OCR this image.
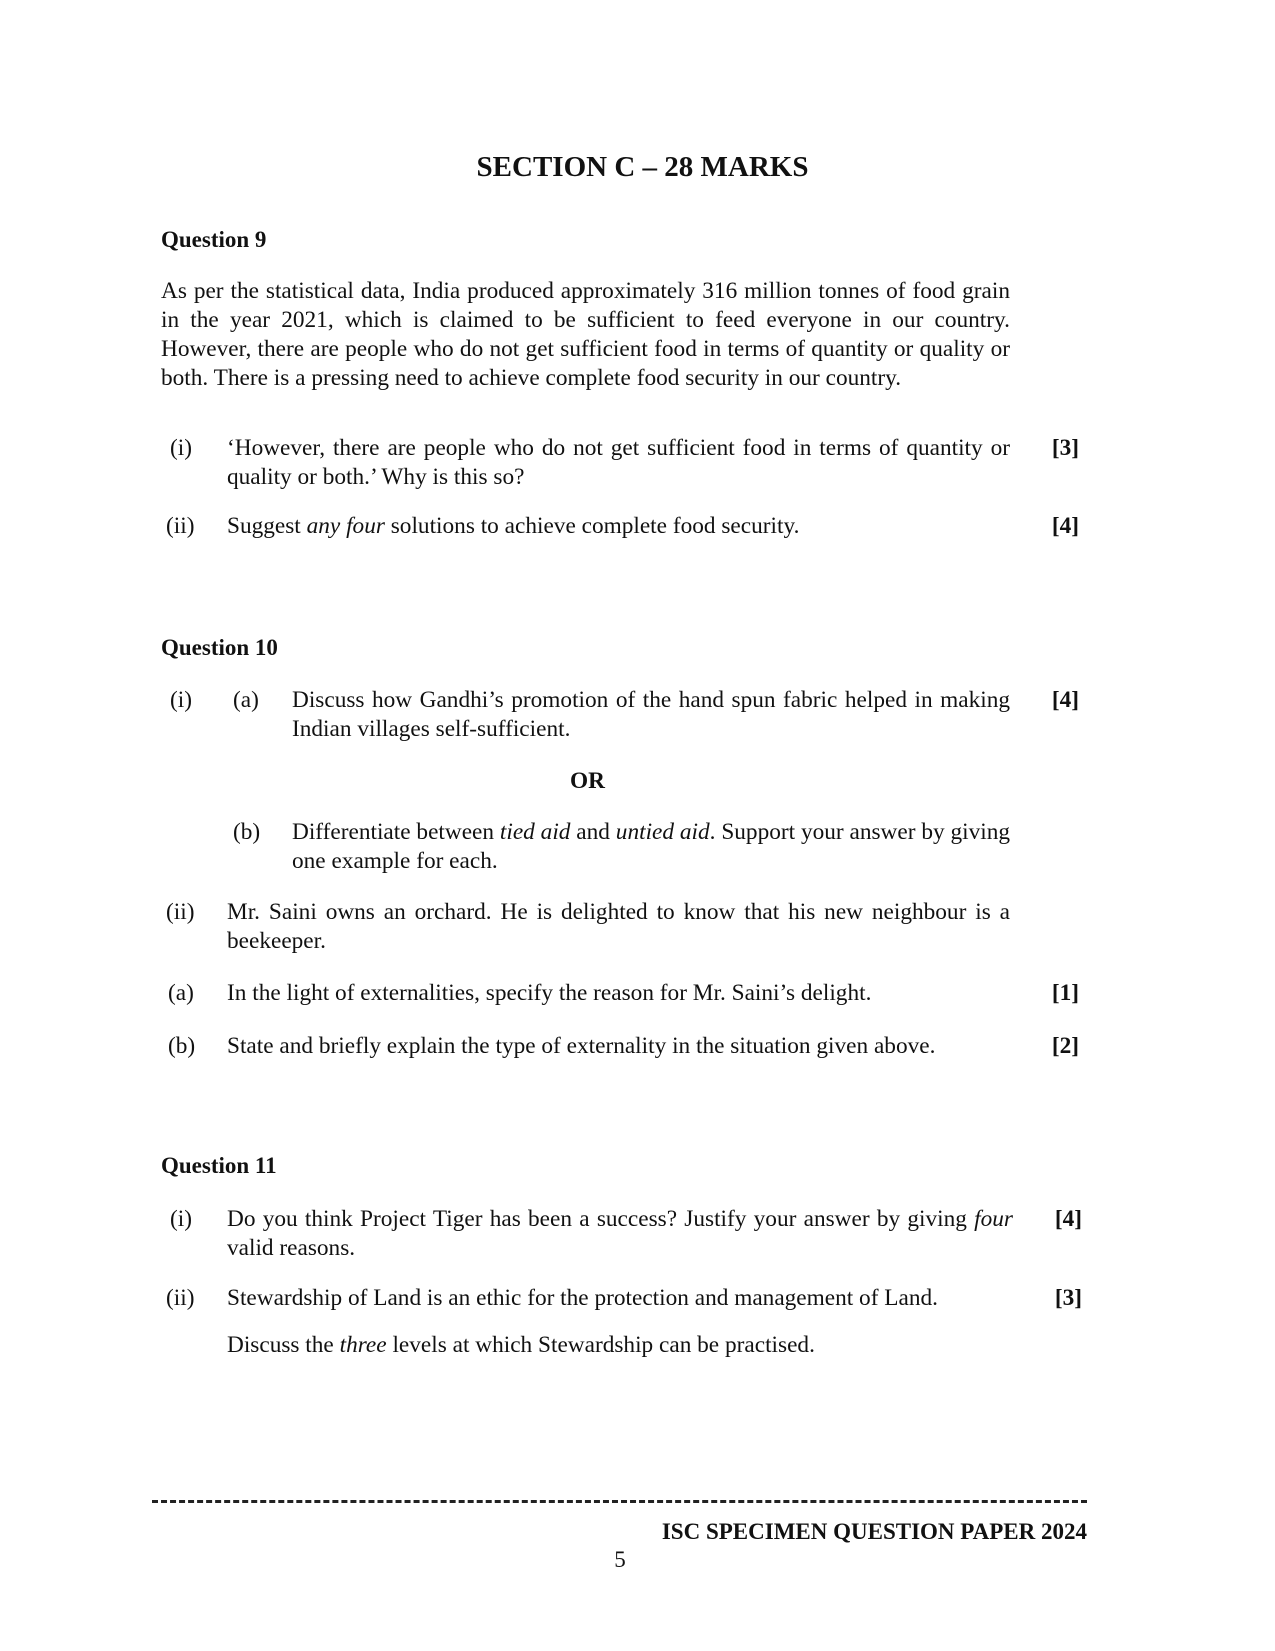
SECTION C – 28 MARKS
Question 9

As per the statistical data, India produced approximately 316 million tonnes of food grain in the year 2021, which is claimed to be sufficient to feed everyone in our country. However, there are people who do not get sufficient food in terms of quantity or quality or both. There is a pressing need to achieve complete food security in our country.

(i) ‘However, there are people who do not get sufficient food in terms of quantity or quality or both.’ Why is this so?
[3]
(ii) Suggest any four solutions to achieve complete food security.	[4]
Question 10
(i) (a) Discuss how Gandhi’s promotion of the hand spun fabric helped in making Indian villages self-sufficient.
[4]
OR
(b) Differentiate between tied aid and untied aid. Support your answer by giving one example for each.
(ii) Mr. Saini owns an orchard. He is delighted to know that his new neighbour is a beekeeper.
(a) In the light of externalities, specify the reason for Mr. Saini’s delight.	[1]
(b) State and briefly explain the type of externality in the situation given above.	[2]
Question 11
(i) Do you think Project Tiger has been a success? Justify your answer by giving four valid reasons.
[4]
(ii) Stewardship of Land is an ethic for the protection and management of Land.	[3]
Discuss the three levels at which Stewardship can be practised.
ISC SPECIMEN QUESTION PAPER 2024
5
